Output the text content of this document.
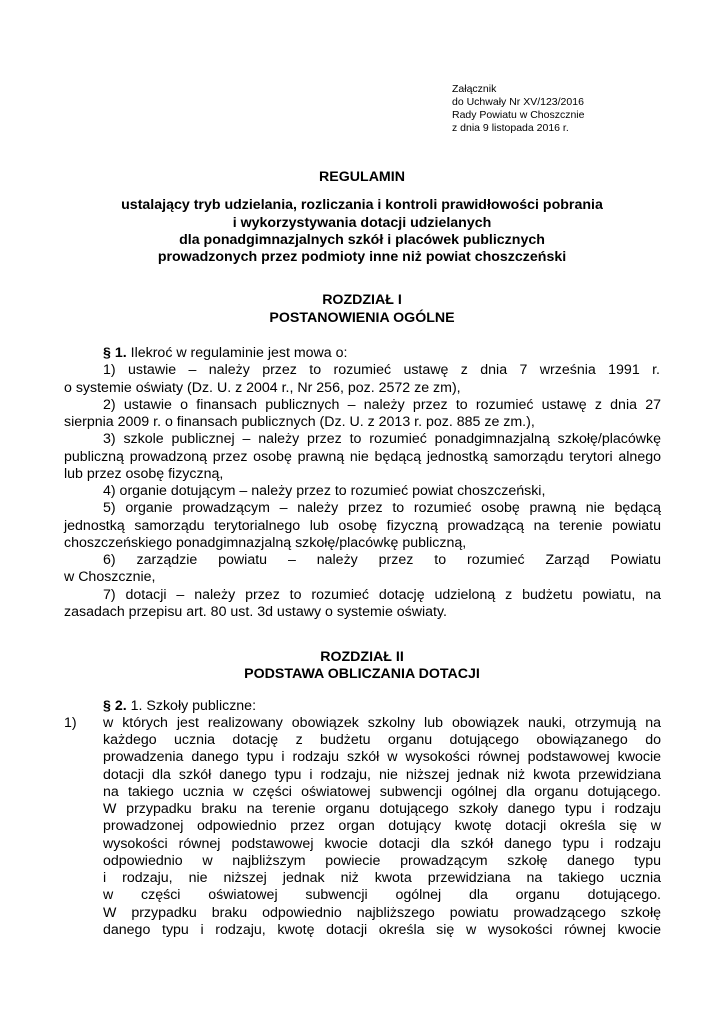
Załącznik
do Uchwały Nr XV/123/2016
Rady Powiatu w Choszcznie
z dnia 9 listopada 2016 r.
REGULAMIN
ustalający tryb udzielania, rozliczania i kontroli prawidłowości pobrania
i wykorzystywania dotacji udzielanych
dla ponadgimnazjalnych szkół i placówek publicznych
prowadzonych przez podmioty inne niż powiat choszczeński
ROZDZIAŁ I
POSTANOWIENIA OGÓLNE
§ 1. Ilekroć w regulaminie jest mowa o:
1) ustawie – należy przez to rozumieć ustawę z dnia 7 września 1991 r.
o systemie oświaty (Dz. U. z 2004 r., Nr 256, poz. 2572 ze zm),
2) ustawie o finansach publicznych – należy przez to rozumieć ustawę z dnia 27
sierpnia 2009 r. o finansach publicznych (Dz. U. z 2013 r. poz. 885 ze zm.),
3) szkole publicznej – należy przez to rozumieć ponadgimnazjalną szkołę/placówkę
publiczną prowadzoną przez osobę prawną nie będącą jednostką samorządu terytori alnego
lub przez osobę fizyczną,
4) organie dotującym – należy przez to rozumieć powiat choszczeński,
5) organie prowadzącym – należy przez to rozumieć osobę prawną nie będącą
jednostką samorządu terytorialnego lub osobę fizyczną prowadzącą na terenie powiatu
choszczeńskiego ponadgimnazjalną szkołę/placówkę publiczną,
6) zarządzie powiatu – należy przez to rozumieć Zarząd Powiatu
w Choszcznie,
7) dotacji – należy przez to rozumieć dotację udzieloną z budżetu powiatu, na
zasadach przepisu art. 80 ust. 3d ustawy o systemie oświaty.
ROZDZIAŁ II
PODSTAWA OBLICZANIA DOTACJI
§ 2. 1. Szkoły publiczne:
1) w których jest realizowany obowiązek szkolny lub obowiązek nauki, otrzymują na
każdego ucznia dotację z budżetu organu dotującego obowiązanego do
prowadzenia danego typu i rodzaju szkół w wysokości równej podstawowej kwocie
dotacji dla szkół danego typu i rodzaju, nie niższej jednak niż kwota przewidziana
na takiego ucznia w części oświatowej subwencji ogólnej dla organu dotującego.
W przypadku braku na terenie organu dotującego szkoły danego typu i rodzaju
prowadzonej odpowiednio przez organ dotujący kwotę dotacji określa się w
wysokości równej podstawowej kwocie dotacji dla szkół danego typu i rodzaju
odpowiednio w najbliższym powiecie prowadzącym szkołę danego typu
i rodzaju, nie niższej jednak niż kwota przewidziana na takiego ucznia
w części oświatowej subwencji ogólnej dla organu dotującego.
W przypadku braku odpowiednio najbliższego powiatu prowadzącego szkołę
danego typu i rodzaju, kwotę dotacji określa się w wysokości równej kwocie
